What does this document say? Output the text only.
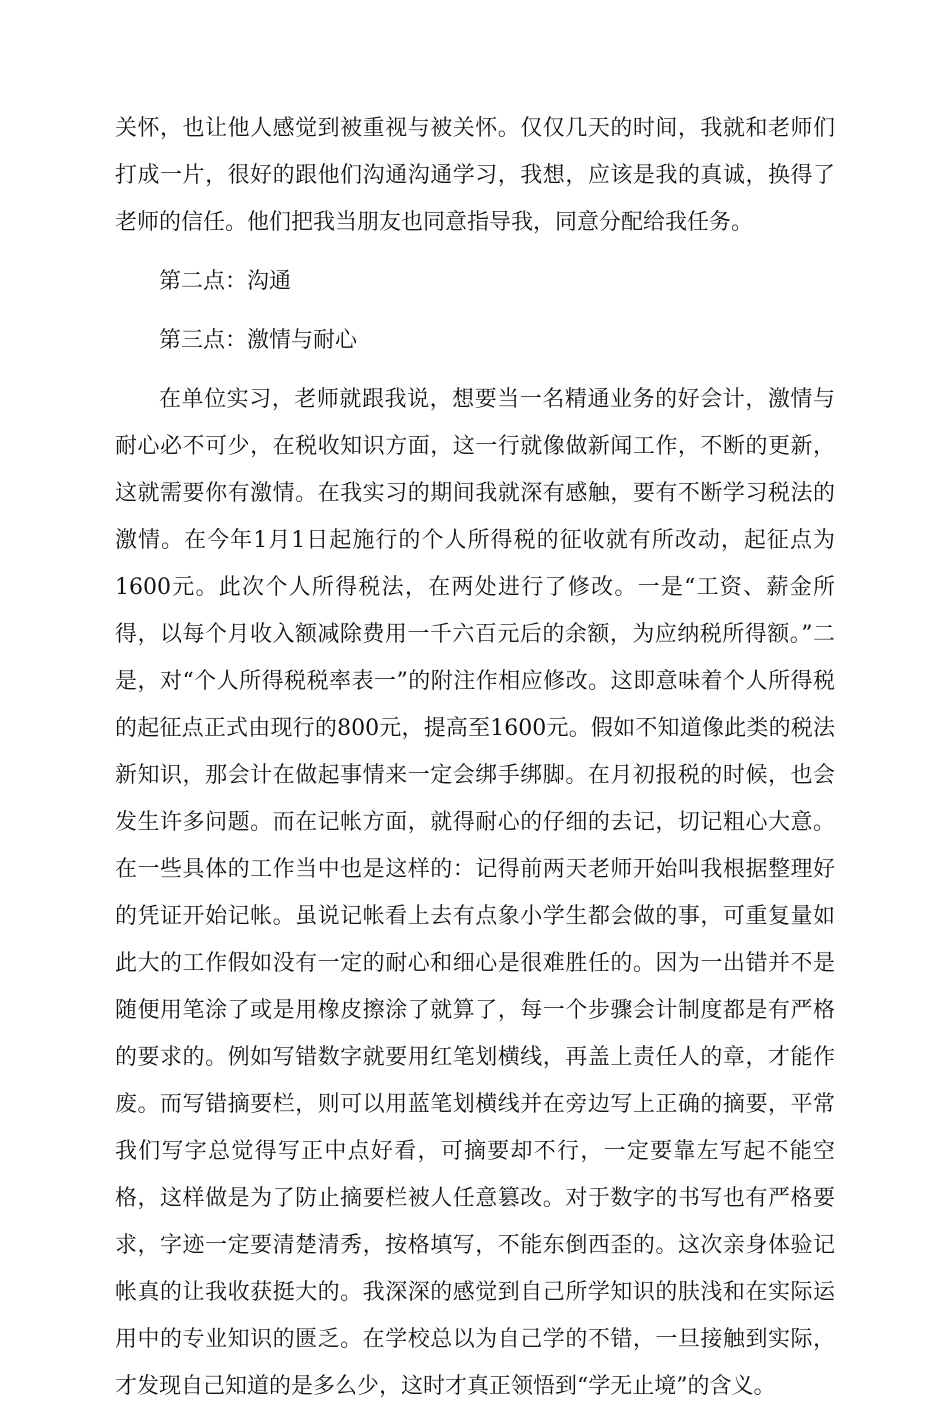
关怀，也让他人感觉到被重视与被关怀。仅仅几天的时间，我就和老师们打成一片，很好的跟他们沟通沟通学习，我想，应该是我的真诚，换得了老师的信任。他们把我当朋友也同意指导我，同意分配给我任务。

第二点：沟通

第三点：激情与耐心

在单位实习，老师就跟我说，想要当一名精通业务的好会计，激情与耐心必不可少，在税收知识方面，这一行就像做新闻工作，不断的更新，这就需要你有激情。在我实习的期间我就深有感触，要有不断学习税法的激情。在今年1月1日起施行的个人所得税的征收就有所改动，起征点为1600元。此次个人所得税法，在两处进行了修改。一是“工资、薪金所得，以每个月收入额减除费用一千六百元后的余额，为应纳税所得额。”二是，对“个人所得税税率表一”的附注作相应修改。这即意味着个人所得税的起征点正式由现行的800元，提高至1600元。假如不知道像此类的税法新知识，那会计在做起事情来一定会绑手绑脚。在月初报税的时候，也会发生许多问题。而在记帐方面，就得耐心的仔细的去记，切记粗心大意。在一些具体的工作当中也是这样的：记得前两天老师开始叫我根据整理好的凭证开始记帐。虽说记帐看上去有点象小学生都会做的事，可重复量如此大的工作假如没有一定的耐心和细心是很难胜任的。因为一出错并不是随便用笔涂了或是用橡皮擦涂了就算了，每一个步骤会计制度都是有严格的要求的。例如写错数字就要用红笔划横线，再盖上责任人的章，才能作废。而写错摘要栏，则可以用蓝笔划横线并在旁边写上正确的摘要，平常我们写字总觉得写正中点好看，可摘要却不行，一定要靠左写起不能空格，这样做是为了防止摘要栏被人任意篡改。对于数字的书写也有严格要求，字迹一定要清楚清秀，按格填写，不能东倒西歪的。这次亲身体验记帐真的让我收获挺大的。我深深的感觉到自己所学知识的肤浅和在实际运用中的专业知识的匮乏。在学校总以为自己学的不错，一旦接触到实际，才发现自己知道的是多么少，这时才真正领悟到“学无止境”的含义。
